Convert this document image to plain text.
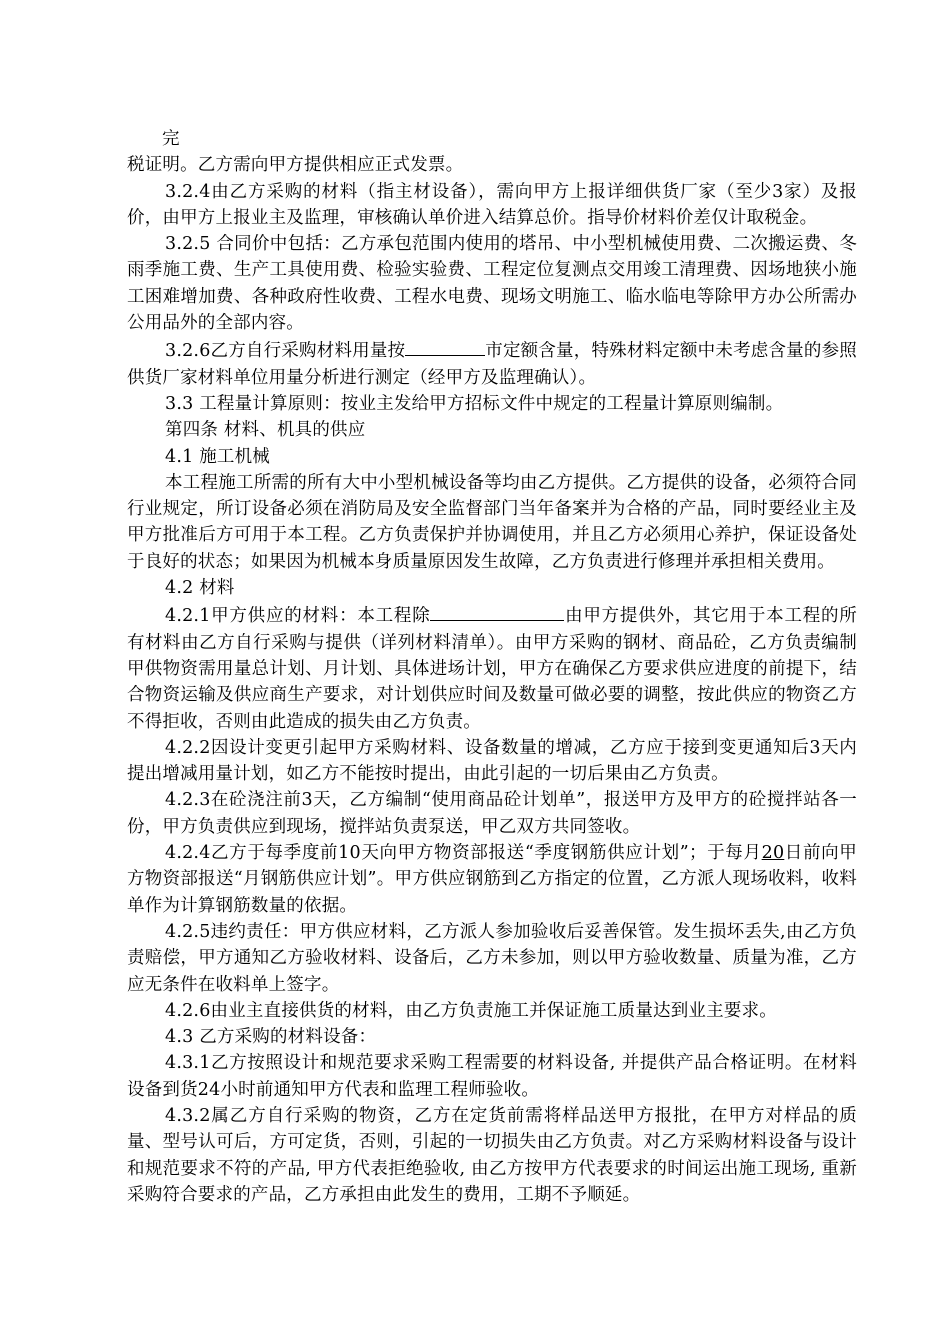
完

税证明。乙方需向甲方提供相应正式发票。

3.2.4由乙方采购的材料（指主材设备），需向甲方上报详细供货厂家（至少3家）及报价，由甲方上报业主及监理，审核确认单价进入结算总价。指导价材料价差仅计取税金。

3.2.5 合同价中包括：乙方承包范围内使用的塔吊、中小型机械使用费、二次搬运费、冬雨季施工费、生产工具使用费、检验实验费、工程定位复测点交用竣工清理费、因场地狭小施工困难增加费、各种政府性收费、工程水电费、现场文明施工、临水临电等除甲方办公所需办公用品外的全部内容。

3.2.6乙方自行采购材料用量按	市定额含量，特殊材料定额中未考虑含量的参照供货厂家材料单位用量分析进行测定（经甲方及监理确认）。

3.3 工程量计算原则：按业主发给甲方招标文件中规定的工程量计算原则编制。

第四条 材料、机具的供应

4.1 施工机械

本工程施工所需的所有大中小型机械设备等均由乙方提供。乙方提供的设备，必须符合同行业规定，所订设备必须在消防局及安全监督部门当年备案并为合格的产品，同时要经业主及甲方批准后方可用于本工程。乙方负责保护并协调使用，并且乙方必须用心养护，保证设备处于良好的状态；如果因为机械本身质量原因发生故障，乙方负责进行修理并承担相关费用。

4.2 材料

4.2.1甲方供应的材料：本工程除	由甲方提供外，其它用于本工程的所有材料由乙方自行采购与提供（详列材料清单）。由甲方采购的钢材、商品砼，乙方负责编制甲供物资需用量总计划、月计划、具体进场计划，甲方在确保乙方要求供应进度的前提下，结合物资运输及供应商生产要求，对计划供应时间及数量可做必要的调整，按此供应的物资乙方不得拒收，否则由此造成的损失由乙方负责。

4.2.2因设计变更引起甲方采购材料、设备数量的增减，乙方应于接到变更通知后3天内提出增减用量计划，如乙方不能按时提出，由此引起的一切后果由乙方负责。

4.2.3在砼浇注前3天，乙方编制“使用商品砼计划单”，报送甲方及甲方的砼搅拌站各一份，甲方负责供应到现场，搅拌站负责泵送，甲乙双方共同签收。

4.2.4乙方于每季度前10天向甲方物资部报送“季度钢筋供应计划”；于每月20日前向甲方物资部报送“月钢筋供应计划”。甲方供应钢筋到乙方指定的位置，乙方派人现场收料，收料单作为计算钢筋数量的依据。

4.2.5违约责任：甲方供应材料，乙方派人参加验收后妥善保管。发生损坏丢失,由乙方负责赔偿，甲方通知乙方验收材料、设备后，乙方未参加，则以甲方验收数量、质量为准，乙方应无条件在收料单上签字。

4.2.6由业主直接供货的材料，由乙方负责施工并保证施工质量达到业主要求。

4.3 乙方采购的材料设备：

4.3.1乙方按照设计和规范要求采购工程需要的材料设备, 并提供产品合格证明。在材料设备到货24小时前通知甲方代表和监理工程师验收。

4.3.2属乙方自行采购的物资，乙方在定货前需将样品送甲方报批，在甲方对样品的质量、型号认可后，方可定货，否则，引起的一切损失由乙方负责。对乙方采购材料设备与设计和规范要求不符的产品, 甲方代表拒绝验收, 由乙方按甲方代表要求的时间运出施工现场, 重新采购符合要求的产品，乙方承担由此发生的费用，工期不予顺延。
